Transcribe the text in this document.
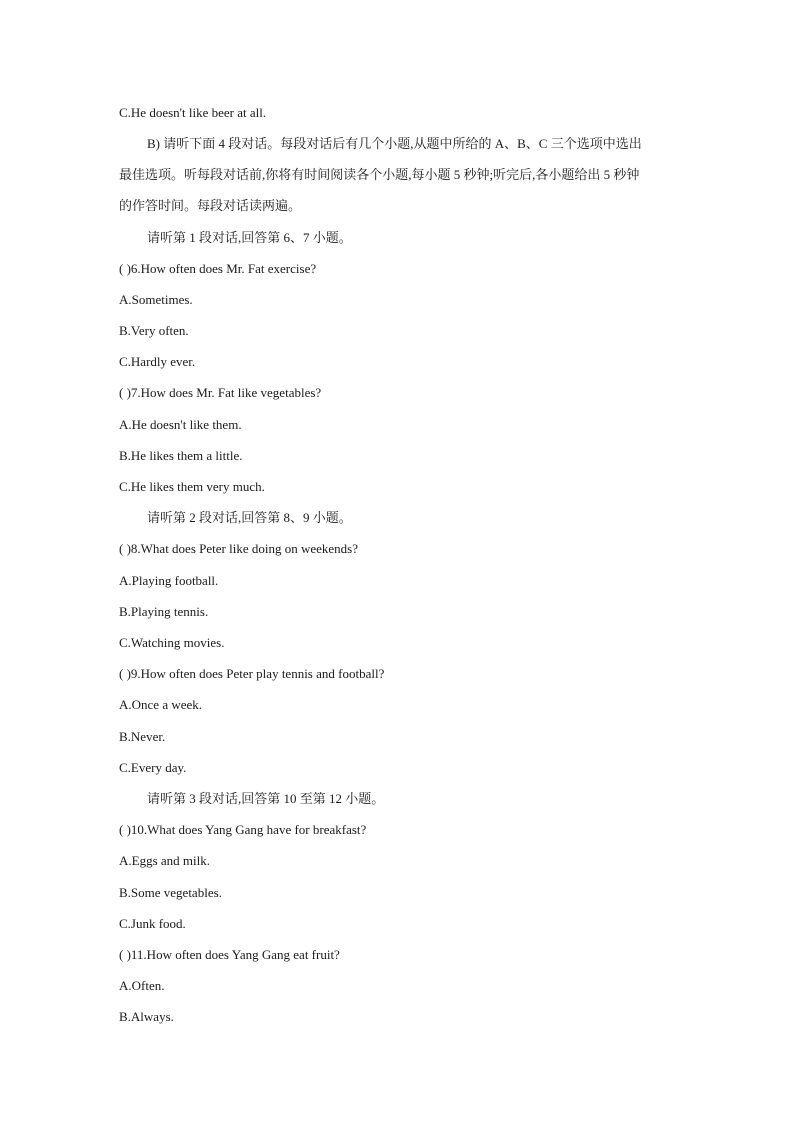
C.He doesn't like beer at all.
B) 请听下面 4 段对话。每段对话后有几个小题,从题中所给的 A、B、C 三个选项中选出
最佳选项。听每段对话前,你将有时间阅读各个小题,每小题 5 秒钟;听完后,各小题给出 5 秒钟
的作答时间。每段对话读两遍。
请听第 1 段对话,回答第 6、7 小题。
( )6.How often does Mr. Fat exercise?
A.Sometimes.
B.Very often.
C.Hardly ever.
( )7.How does Mr. Fat like vegetables?
A.He doesn't like them.
B.He likes them a little.
C.He likes them very much.
请听第 2 段对话,回答第 8、9 小题。
( )8.What does Peter like doing on weekends?
A.Playing football.
B.Playing tennis.
C.Watching movies.
( )9.How often does Peter play tennis and football?
A.Once a week.
B.Never.
C.Every day.
请听第 3 段对话,回答第 10 至第 12 小题。
( )10.What does Yang Gang have for breakfast?
A.Eggs and milk.
B.Some vegetables.
C.Junk food.
( )11.How often does Yang Gang eat fruit?
A.Often.
B.Always.
